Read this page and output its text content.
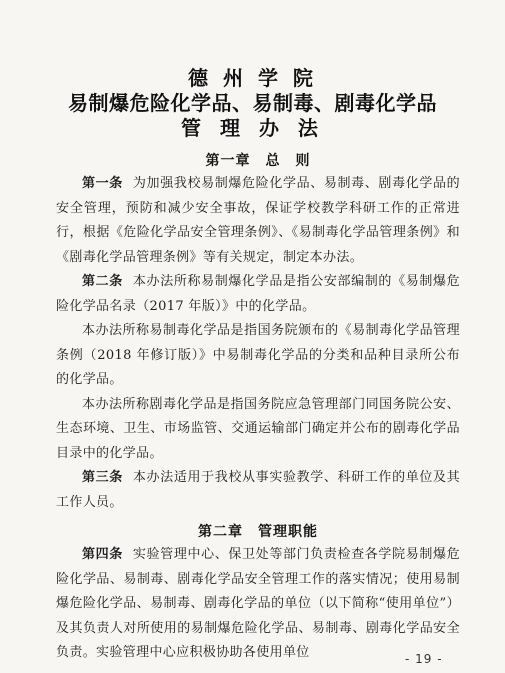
德 州 学 院
易制爆危险化学品、易制毒、剧毒化学品
管 理 办 法
第一章　总　则

第一条 为加强我校易制爆危险化学品、易制毒、剧毒化学品的安全管理，预防和减少安全事故，保证学校教学科研工作的正常进行，根据《危险化学品安全管理条例》、《易制毒化学品管理条例》和《剧毒化学品管理条例》等有关规定，制定本办法。

第二条 本办法所称易制爆化学品是指公安部编制的《易制爆危险化学品名录（2017 年版）》中的化学品。

本办法所称易制毒化学品是指国务院颁布的《易制毒化学品管理条例（2018 年修订版）》中易制毒化学品的分类和品种目录所公布的化学品。

本办法所称剧毒化学品是指国务院应急管理部门同国务院公安、生态环境、卫生、市场监管、交通运输部门确定并公布的剧毒化学品目录中的化学品。

第三条 本办法适用于我校从事实验教学、科研工作的单位及其工作人员。

第二章　管理职能

第四条 实验管理中心、保卫处等部门负责检查各学院易制爆危险化学品、易制毒、剧毒化学品安全管理工作的落实情况；使用易制爆危险化学品、易制毒、剧毒化学品的单位（以下简称“使用单位”）及其负责人对所使用的易制爆危险化学品、易制毒、剧毒化学品安全负责。实验管理中心应积极协助各使用单位	- 19 -
